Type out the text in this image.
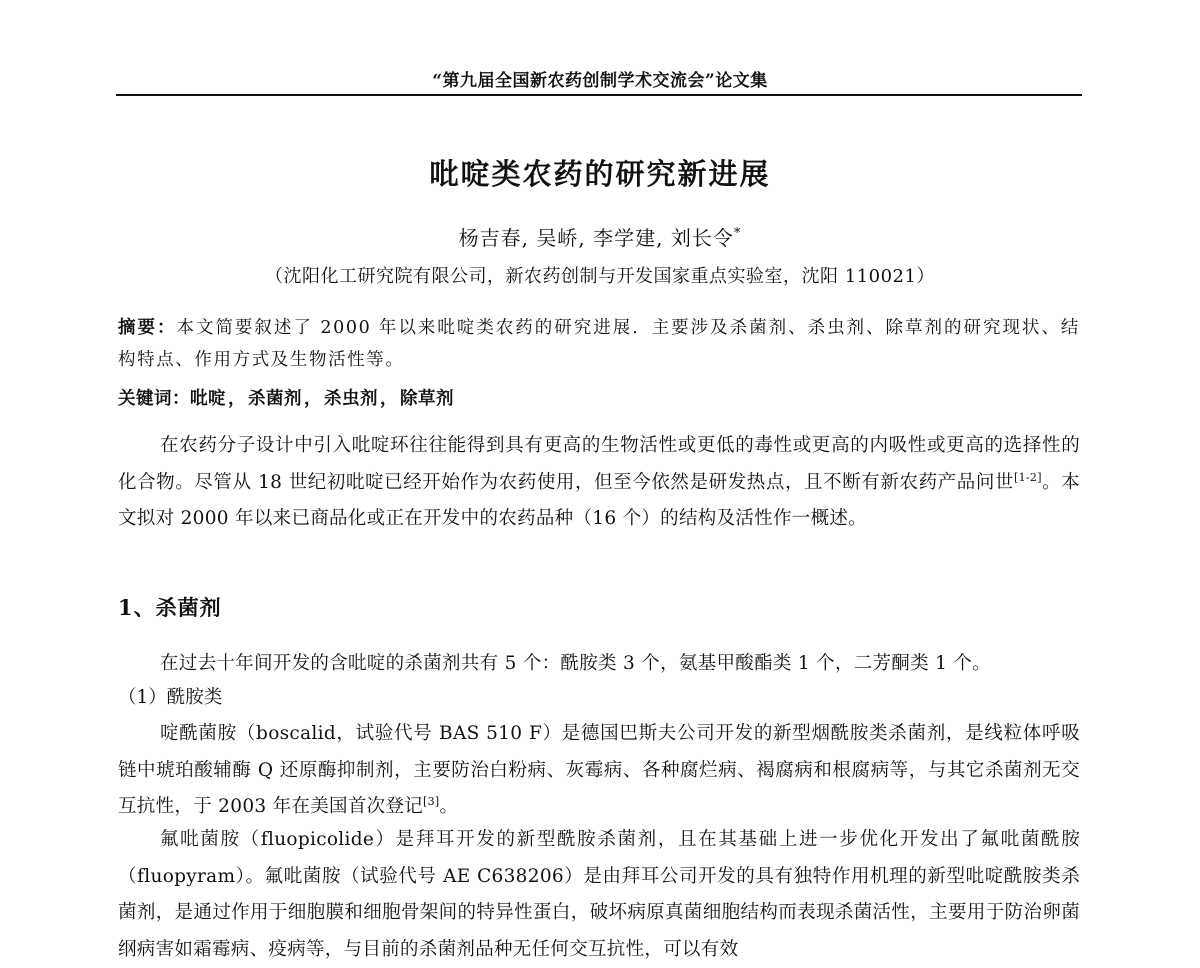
“第九届全国新农药创制学术交流会”论文集
吡啶类农药的研究新进展
杨吉春, 吴峤, 李学建, 刘长令*
（沈阳化工研究院有限公司，新农药创制与开发国家重点实验室，沈阳 110021）
摘要：本文简要叙述了 2000 年以来吡啶类农药的研究进展．主要涉及杀菌剂、杀虫剂、除草剂的研究现状、结构特点、作用方式及生物活性等。
关键词：吡啶 ， 杀菌剂 ， 杀虫剂 ， 除草剂
在农药分子设计中引入吡啶环往往能得到具有更高的生物活性或更低的毒性或更高的内吸性或更高的选择性的化合物。尽管从 18 世纪初吡啶已经开始作为农药使用，但至今依然是研发热点，且不断有新农药产品问世[1-2]。本文拟对 2000 年以来已商品化或正在开发中的农药品种（16 个）的结构及活性作一概述。
1、杀菌剂
在过去十年间开发的含吡啶的杀菌剂共有 5 个：酰胺类 3 个，氨基甲酸酯类 1 个，二芳酮类 1 个。
（1）酰胺类
啶酰菌胺（boscalid，试验代号 BAS 510 F）是德国巴斯夫公司开发的新型烟酰胺类杀菌剂，是线粒体呼吸链中琥珀酸辅酶 Q 还原酶抑制剂，主要防治白粉病、灰霉病、各种腐烂病、褐腐病和根腐病等，与其它杀菌剂无交互抗性，于 2003 年在美国首次登记[3]。
氟吡菌胺（fluopicolide）是拜耳开发的新型酰胺杀菌剂，且在其基础上进一步优化开发出了氟吡菌酰胺（fluopyram）。氟吡菌胺（试验代号 AE C638206）是由拜耳公司开发的具有独特作用机理的新型吡啶酰胺类杀菌剂，是通过作用于细胞膜和细胞骨架间的特异性蛋白，破坏病原真菌细胞结构而表现杀菌活性，主要用于防治卵菌纲病害如霜霉病、疫病等，与目前的杀菌剂品种无任何交互抗性，可以有效
